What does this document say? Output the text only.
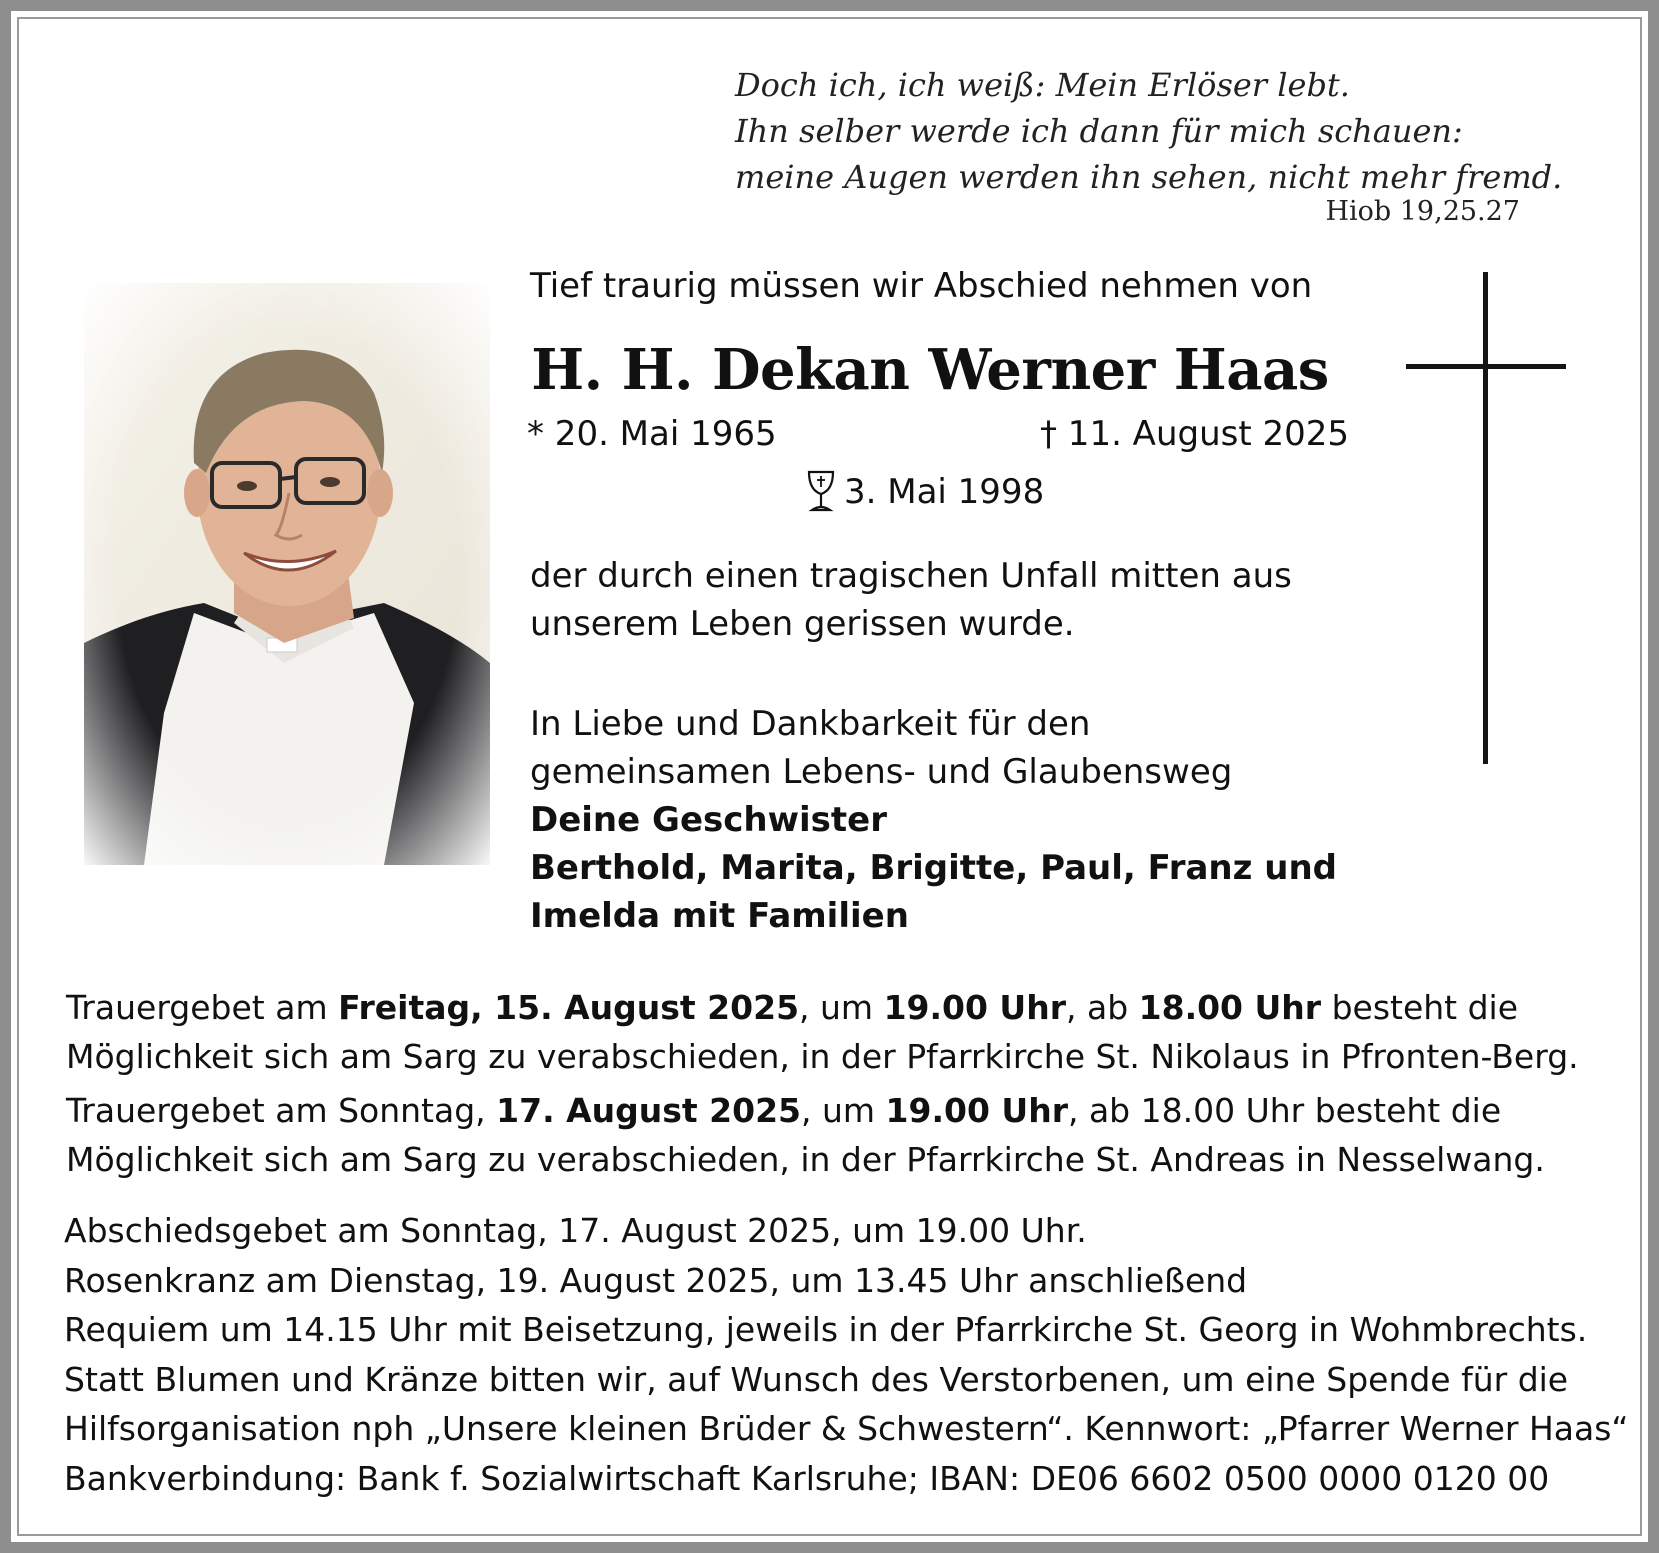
Doch ich, ich weiß: Mein Erlöser lebt.
Ihn selber werde ich dann für mich schauen:
meine Augen werden ihn sehen, nicht mehr fremd.
Hiob 19,25.27
Tief traurig müssen wir Abschied nehmen von
H. H. Dekan Werner Haas
* 20. Mai 1965	† 11. August 2025
3. Mai 1998
der durch einen tragischen Unfall mitten aus
unserem Leben gerissen wurde.
In Liebe und Dankbarkeit für den
gemeinsamen Lebens- und Glaubensweg
Deine Geschwister
Berthold, Marita, Brigitte, Paul, Franz und
Imelda mit Familien
Trauergebet am Freitag, 15. August 2025, um 19.00 Uhr, ab 18.00 Uhr besteht die
Möglichkeit sich am Sarg zu verabschieden, in der Pfarrkirche St. Nikolaus in Pfronten-Berg.
Trauergebet am Sonntag, 17. August 2025, um 19.00 Uhr, ab 18.00 Uhr besteht die
Möglichkeit sich am Sarg zu verabschieden, in der Pfarrkirche St. Andreas in Nesselwang.
Abschiedsgebet am Sonntag, 17. August 2025, um 19.00 Uhr.
Rosenkranz am Dienstag, 19. August 2025, um 13.45 Uhr anschließend
Requiem um 14.15 Uhr mit Beisetzung, jeweils in der Pfarrkirche St. Georg in Wohmbrechts.
Statt Blumen und Kränze bitten wir, auf Wunsch des Verstorbenen, um eine Spende für die
Hilfsorganisation nph „Unsere kleinen Brüder & Schwestern“. Kennwort: „Pfarrer Werner Haas“
Bankverbindung: Bank f. Sozialwirtschaft Karlsruhe; IBAN: DE06 6602 0500 0000 0120 00
